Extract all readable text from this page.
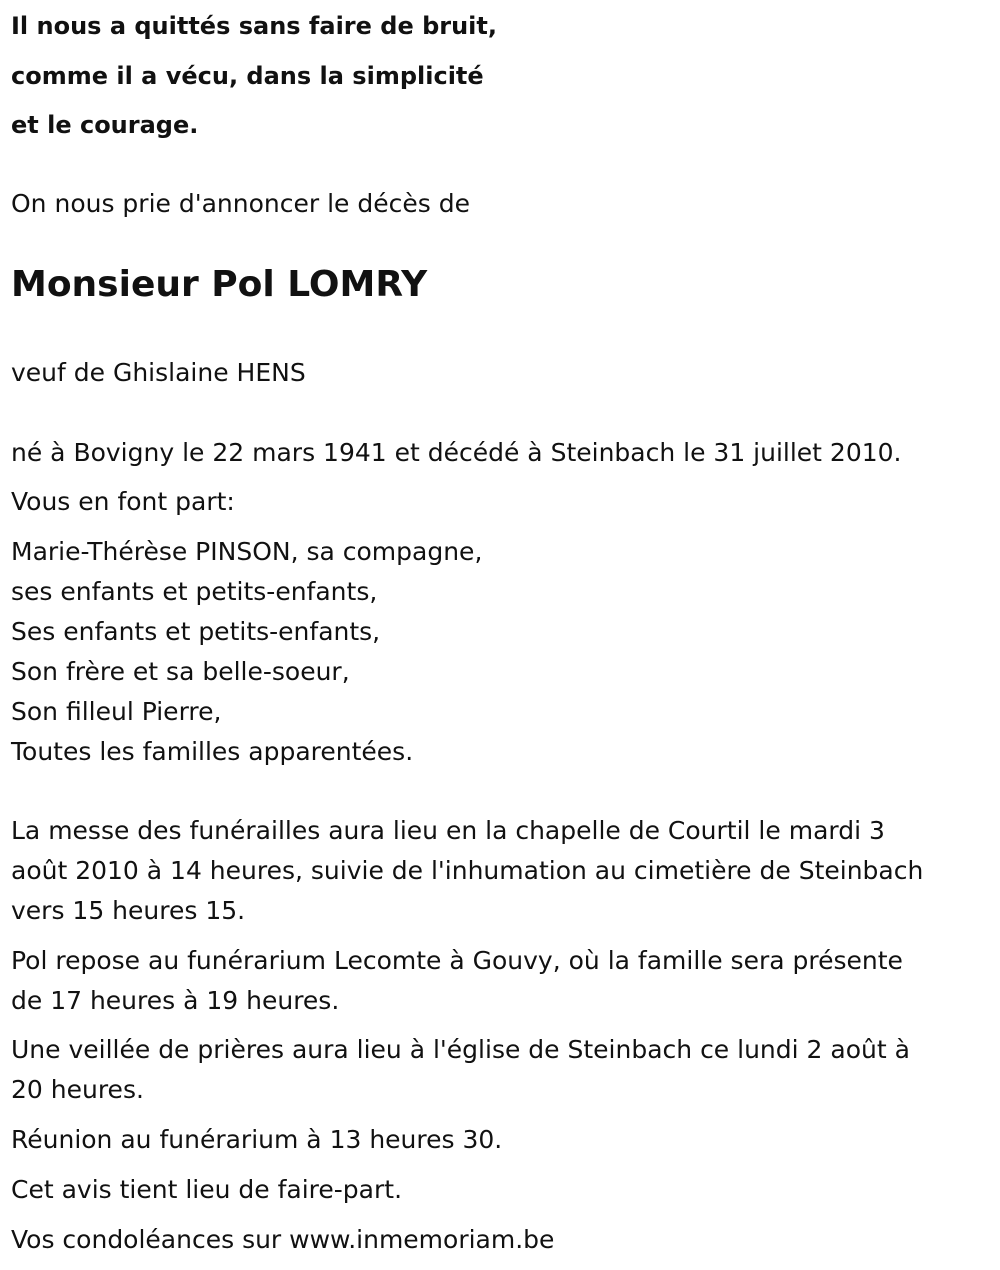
Il nous a quittés sans faire de bruit,
comme il a vécu, dans la simplicité
et le courage.
On nous prie d'annoncer le décès de
Monsieur Pol LOMRY
veuf de Ghislaine HENS
né à Bovigny le 22 mars 1941 et décédé à Steinbach le 31 juillet 2010.
Vous en font part:
Marie-Thérèse PINSON, sa compagne,
ses enfants et petits-enfants,
Ses enfants et petits-enfants,
Son frère et sa belle-soeur,
Son filleul Pierre,
Toutes les familles apparentées.
La messe des funérailles aura lieu en la chapelle de Courtil le mardi 3
août 2010 à 14 heures, suivie de l'inhumation au cimetière de Steinbach
vers 15 heures 15.
Pol repose au funérarium Lecomte à Gouvy, où la famille sera présente
de 17 heures à 19 heures.
Une veillée de prières aura lieu à l'église de Steinbach ce lundi 2 août à
20 heures.
Réunion au funérarium à 13 heures 30.
Cet avis tient lieu de faire-part.
Vos condoléances sur www.inmemoriam.be
